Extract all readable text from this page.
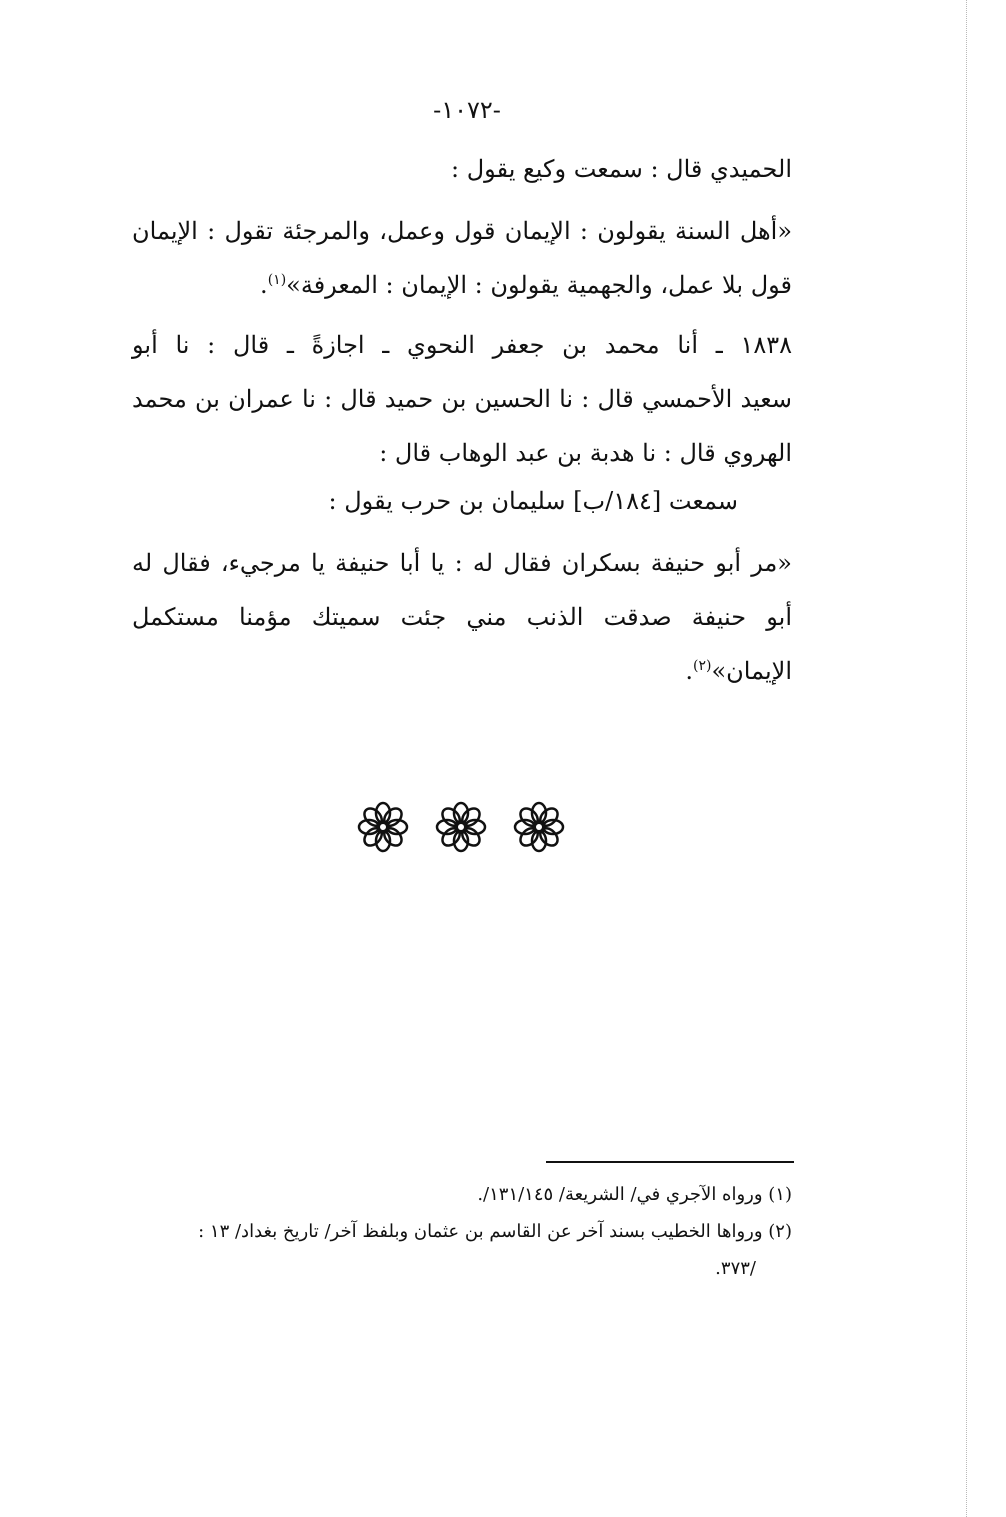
-١٠٧٢-
الحميدي قال : سمعت وكيع يقول :
«أهل السنة يقولون : الإيمان قول وعمل، والمرجئة تقول : الإيمان
قول بلا عمل، والجهمية يقولون : الإيمان : المعرفة»$^{(١)}$.
١٨٣٨ ـ أنا محمد بن جعفر النحوي ـ اجازةً ـ قال : نا أبو
سعيد الأحمسي قال : نا الحسين بن حميد قال : نا عمران بن محمد
الهروي قال : نا هدبة بن عبد الوهاب قال :
سمعت [١٨٤/ب] سليمان بن حرب يقول :
«مر أبو حنيفة بسكران فقال له : يا أبا حنيفة يا مرجيء، فقال له
أبو حنيفة صدقت الذنب مني جئت سميتك مؤمنا مستكمل
الإيمان»$^{(٢)}$.
(١) ورواه الآجري في/ الشريعة/ ١٣١/١٤٥/.
(٢) ورواها الخطيب بسند آخر عن القاسم بن عثمان وبلفظ آخر/ تاريخ بغداد/ ١٣ :
/٣٧٣.
